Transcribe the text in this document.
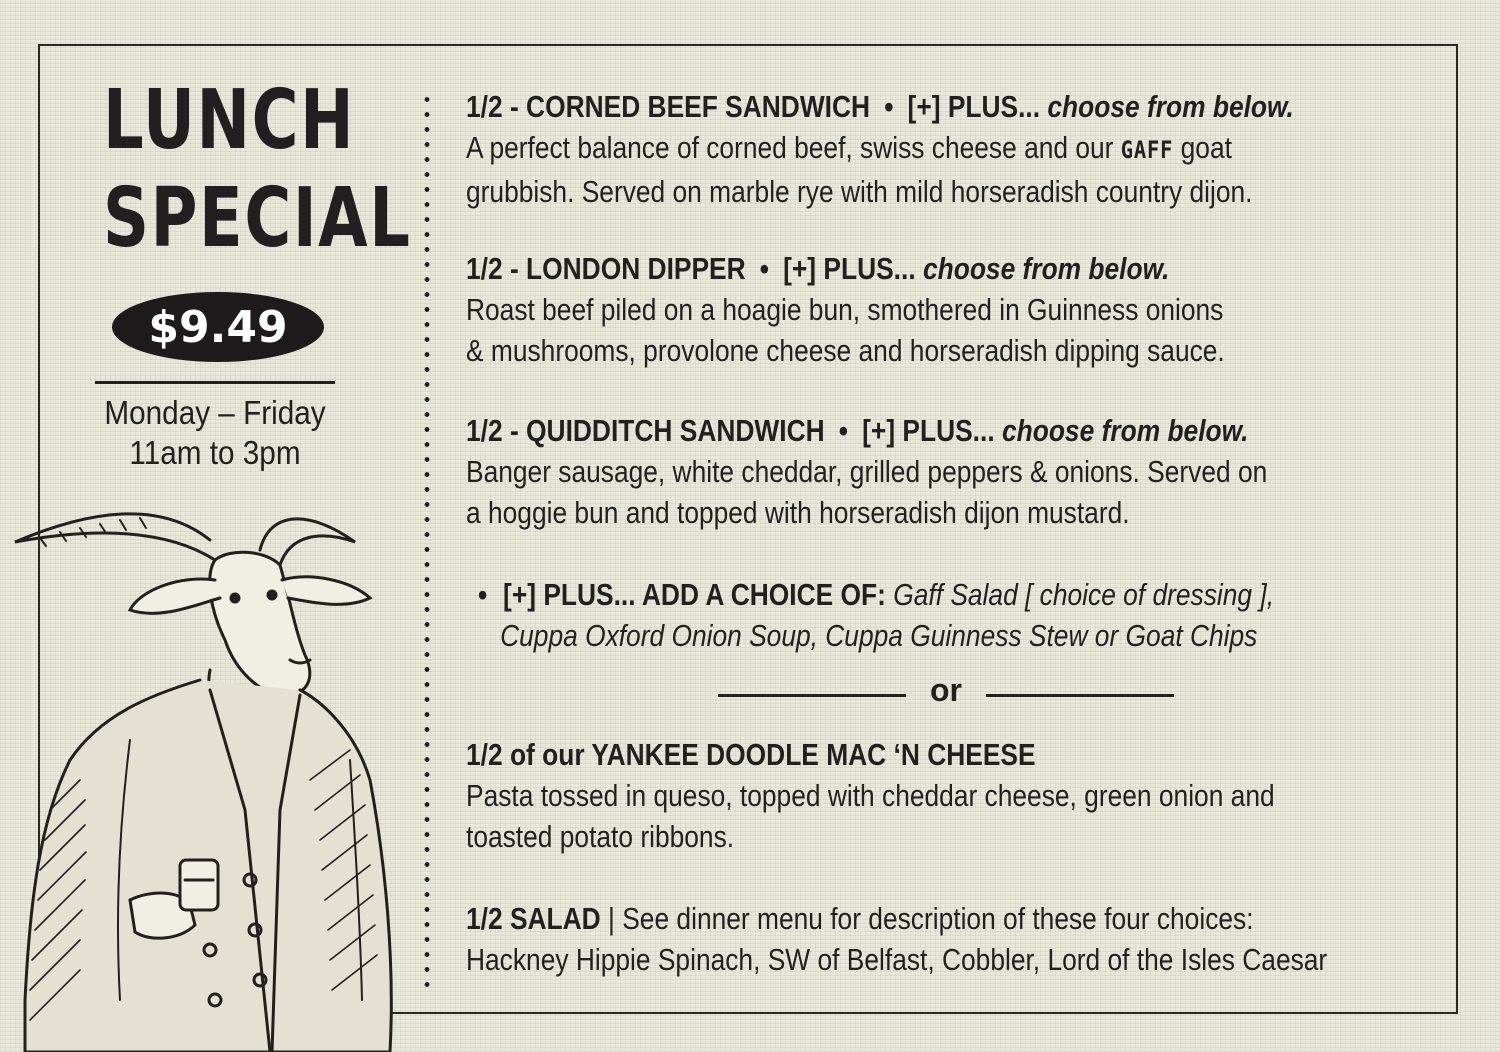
LUNCH
SPECIAL
$9.49
Monday – Friday
11am to 3pm
1/2 - CORNED BEEF SANDWICH • [+] PLUS... choose from below.
A perfect balance of corned beef, swiss cheese and our GAFF goat
grubbish. Served on marble rye with mild horseradish country dijon.
1/2 - LONDON DIPPER • [+] PLUS... choose from below.
Roast beef piled on a hoagie bun, smothered in Guinness onions
& mushrooms, provolone cheese and horseradish dipping sauce.
1/2 - QUIDDITCH SANDWICH • [+] PLUS... choose from below.
Banger sausage, white cheddar, grilled peppers & onions. Served on
a hoggie bun and topped with horseradish dijon mustard.
• [+] PLUS... ADD A CHOICE OF: Gaff Salad [ choice of dressing ],
Cuppa Oxford Onion Soup, Cuppa Guinness Stew or Goat Chips
or
1/2 of our YANKEE DOODLE MAC ‘N CHEESE
Pasta tossed in queso, topped with cheddar cheese, green onion and
toasted potato ribbons.
1/2 SALAD | See dinner menu for description of these four choices:
Hackney Hippie Spinach, SW of Belfast, Cobbler, Lord of the Isles Caesar
